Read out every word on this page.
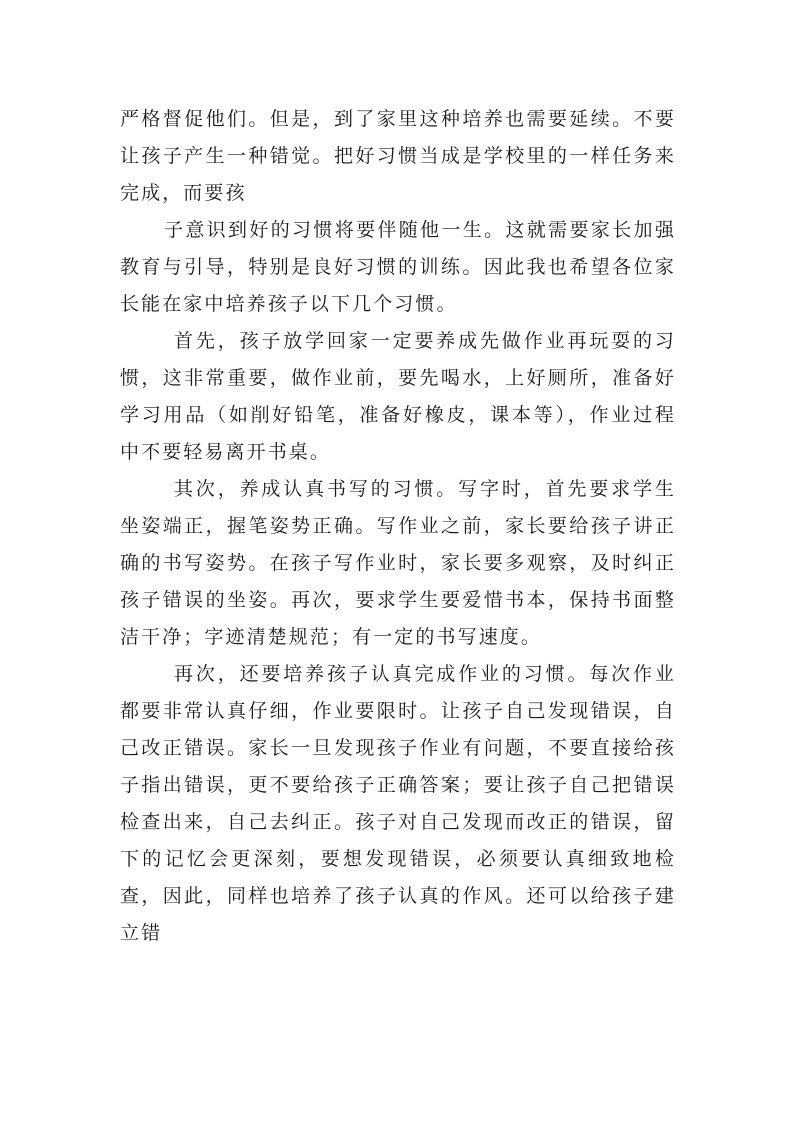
严格督促他们。但是，到了家里这种培养也需要延续。不要让孩子产生一种错觉。把好习惯当成是学校里的一样任务来完成，而要孩

子意识到好的习惯将要伴随他一生。这就需要家长加强教育与引导，特别是良好习惯的训练。因此我也希望各位家长能在家中培养孩子以下几个习惯。

首先，孩子放学回家一定要养成先做作业再玩耍的习惯，这非常重要，做作业前，要先喝水，上好厕所，准备好学习用品（如削好铅笔，准备好橡皮，课本等），作业过程中不要轻易离开书桌。

其次，养成认真书写的习惯。写字时，首先要求学生坐姿端正，握笔姿势正确。写作业之前，家长要给孩子讲正确的书写姿势。在孩子写作业时，家长要多观察，及时纠正孩子错误的坐姿。再次，要求学生要爱惜书本，保持书面整洁干净；字迹清楚规范；有一定的书写速度。

再次，还要培养孩子认真完成作业的习惯。每次作业都要非常认真仔细，作业要限时。让孩子自己发现错误，自己改正错误。家长一旦发现孩子作业有问题，不要直接给孩子指出错误，更不要给孩子正确答案；要让孩子自己把错误检查出来，自己去纠正。孩子对自己发现而改正的错误，留下的记忆会更深刻，要想发现错误，必须要认真细致地检查，因此，同样也培养了孩子认真的作风。还可以给孩子建立错
